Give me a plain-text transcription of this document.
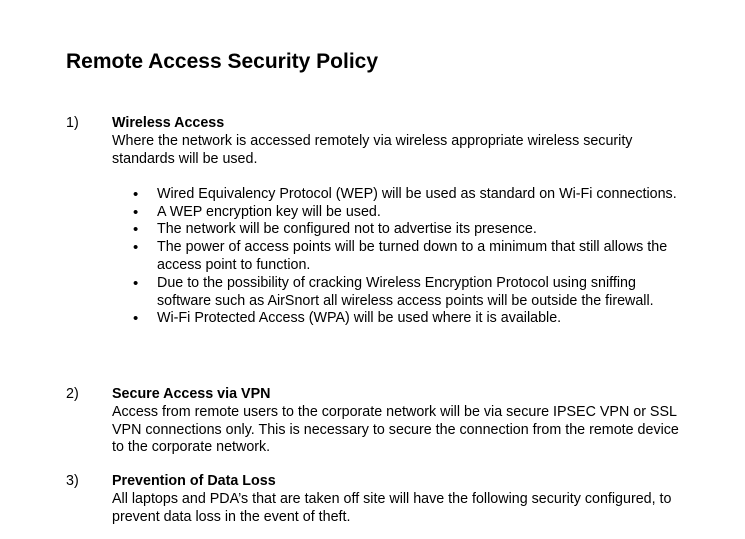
Remote Access Security Policy
1)	Wireless Access

Where the network is accessed remotely via wireless appropriate wireless security standards will be used.

• Wired Equivalency Protocol (WEP) will be used as standard on Wi-Fi connections.
• A WEP encryption key will be used.
• The network will be configured not to advertise its presence.
• The power of access points will be turned down to a minimum that still allows the access point to function.
• Due to the possibility of cracking Wireless Encryption Protocol using sniffing software such as AirSnort all wireless access points will be outside the firewall.
• Wi-Fi Protected Access (WPA) will be used where it is available.
2)	Secure Access via VPN

Access from remote users to the corporate network will be via secure IPSEC VPN or SSL VPN connections only. This is necessary to secure the connection from the remote device to the corporate network.

3)	Prevention of Data Loss

All laptops and PDA’s that are taken off site will have the following security configured, to prevent data loss in the event of theft.
